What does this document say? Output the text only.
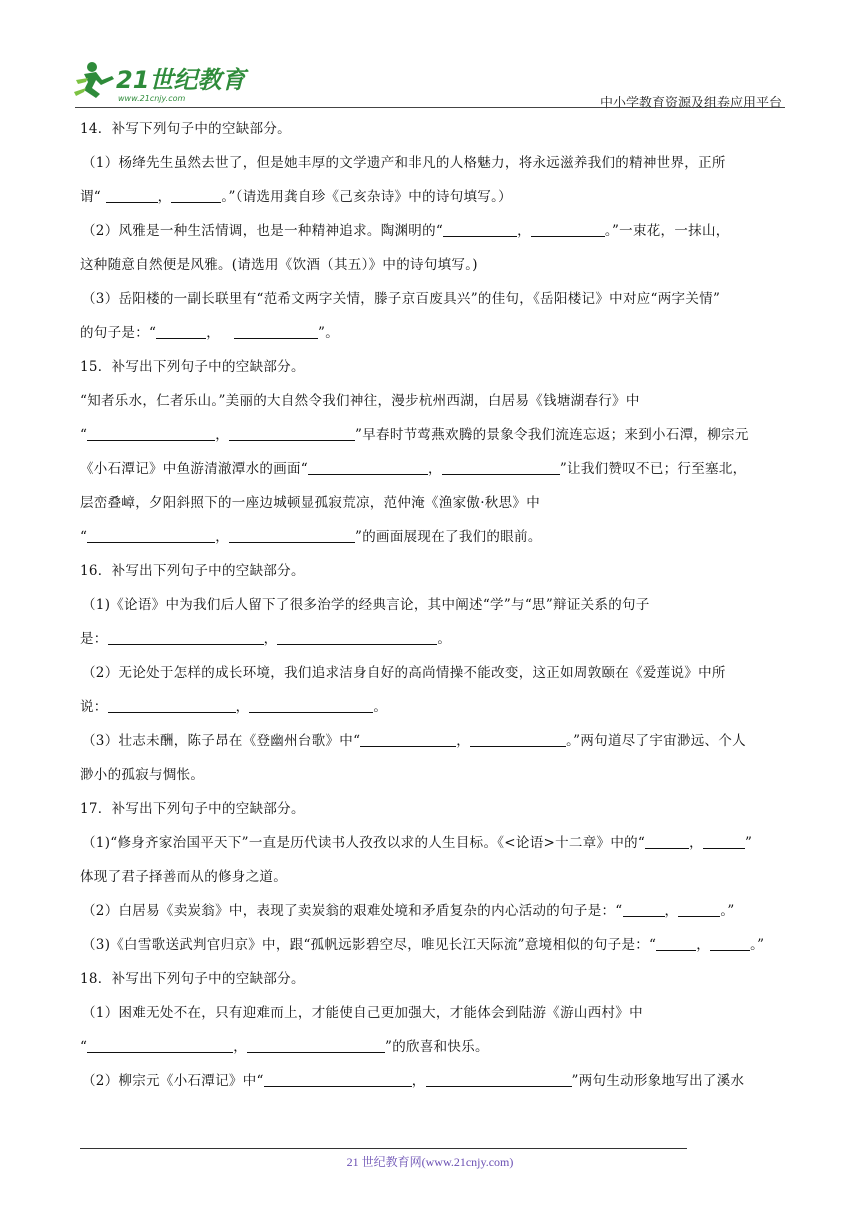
21世纪教育
www.21cnjy.com	中小学教育资源及组卷应用平台

14．补写下列句子中的空缺部分。

（1）杨绛先生虽然去世了，但是她丰厚的文学遗产和非凡的人格魅力，将永远滋养我们的精神世界，正所

谓“	，	。”（请选用龚自珍《己亥杂诗》中的诗句填写。）

（2）风雅是一种生活情调，也是一种精神追求。陶渊明的“	，	。”一束花，一抹山，

这种随意自然便是风雅。(请选用《饮酒（其五）》中的诗句填写。)

（3）岳阳楼的一副长联里有“范希文两字关情，滕子京百废具兴”的佳句，《岳阳楼记》中对应“两字关情”

的句子是：“	，	”。

15．补写出下列句子中的空缺部分。

“知者乐水，仁者乐山。”美丽的大自然令我们神往，漫步杭州西湖，白居易《钱塘湖春行》中

“	，	”早春时节莺燕欢腾的景象令我们流连忘返；来到小石潭，柳宗元

《小石潭记》中鱼游清澈潭水的画面“	，	”让我们赞叹不已；行至塞北，

层峦叠嶂，夕阳斜照下的一座边城顿显孤寂荒凉，范仲淹《渔家傲·秋思》中

“	，	”的画面展现在了我们的眼前。

16．补写出下列句子中的空缺部分。

（1)《论语》中为我们后人留下了很多治学的经典言论，其中阐述“学”与“思”辩证关系的句子

是：	，	。

（2）无论处于怎样的成长环境，我们追求洁身自好的高尚情操不能改变，这正如周敦颐在《爱莲说》中所

说：	，	。

（3）壮志未酬，陈子昂在《登幽州台歌》中“	，	。”两句道尽了宇宙渺远、个人

渺小的孤寂与惆怅。

17．补写出下列句子中的空缺部分。

（1)“修身齐家治国平天下”一直是历代读书人孜孜以求的人生目标。《<论语>十二章》中的“	，	”

体现了君子择善而从的修身之道。

（2）白居易《卖炭翁》中，表现了卖炭翁的艰难处境和矛盾复杂的内心活动的句子是：“	，	。”

（3)《白雪歌送武判官归京》中，跟“孤帆远影碧空尽，唯见长江天际流”意境相似的句子是：“	，	。”

18．补写出下列句子中的空缺部分。

（1）困难无处不在，只有迎难而上，才能使自己更加强大，才能体会到陆游《游山西村》中

“	，	”的欣喜和快乐。

（2）柳宗元《小石潭记》中“	，	”两句生动形象地写出了溪水

21 世纪教育网(www.21cnjy.com)
